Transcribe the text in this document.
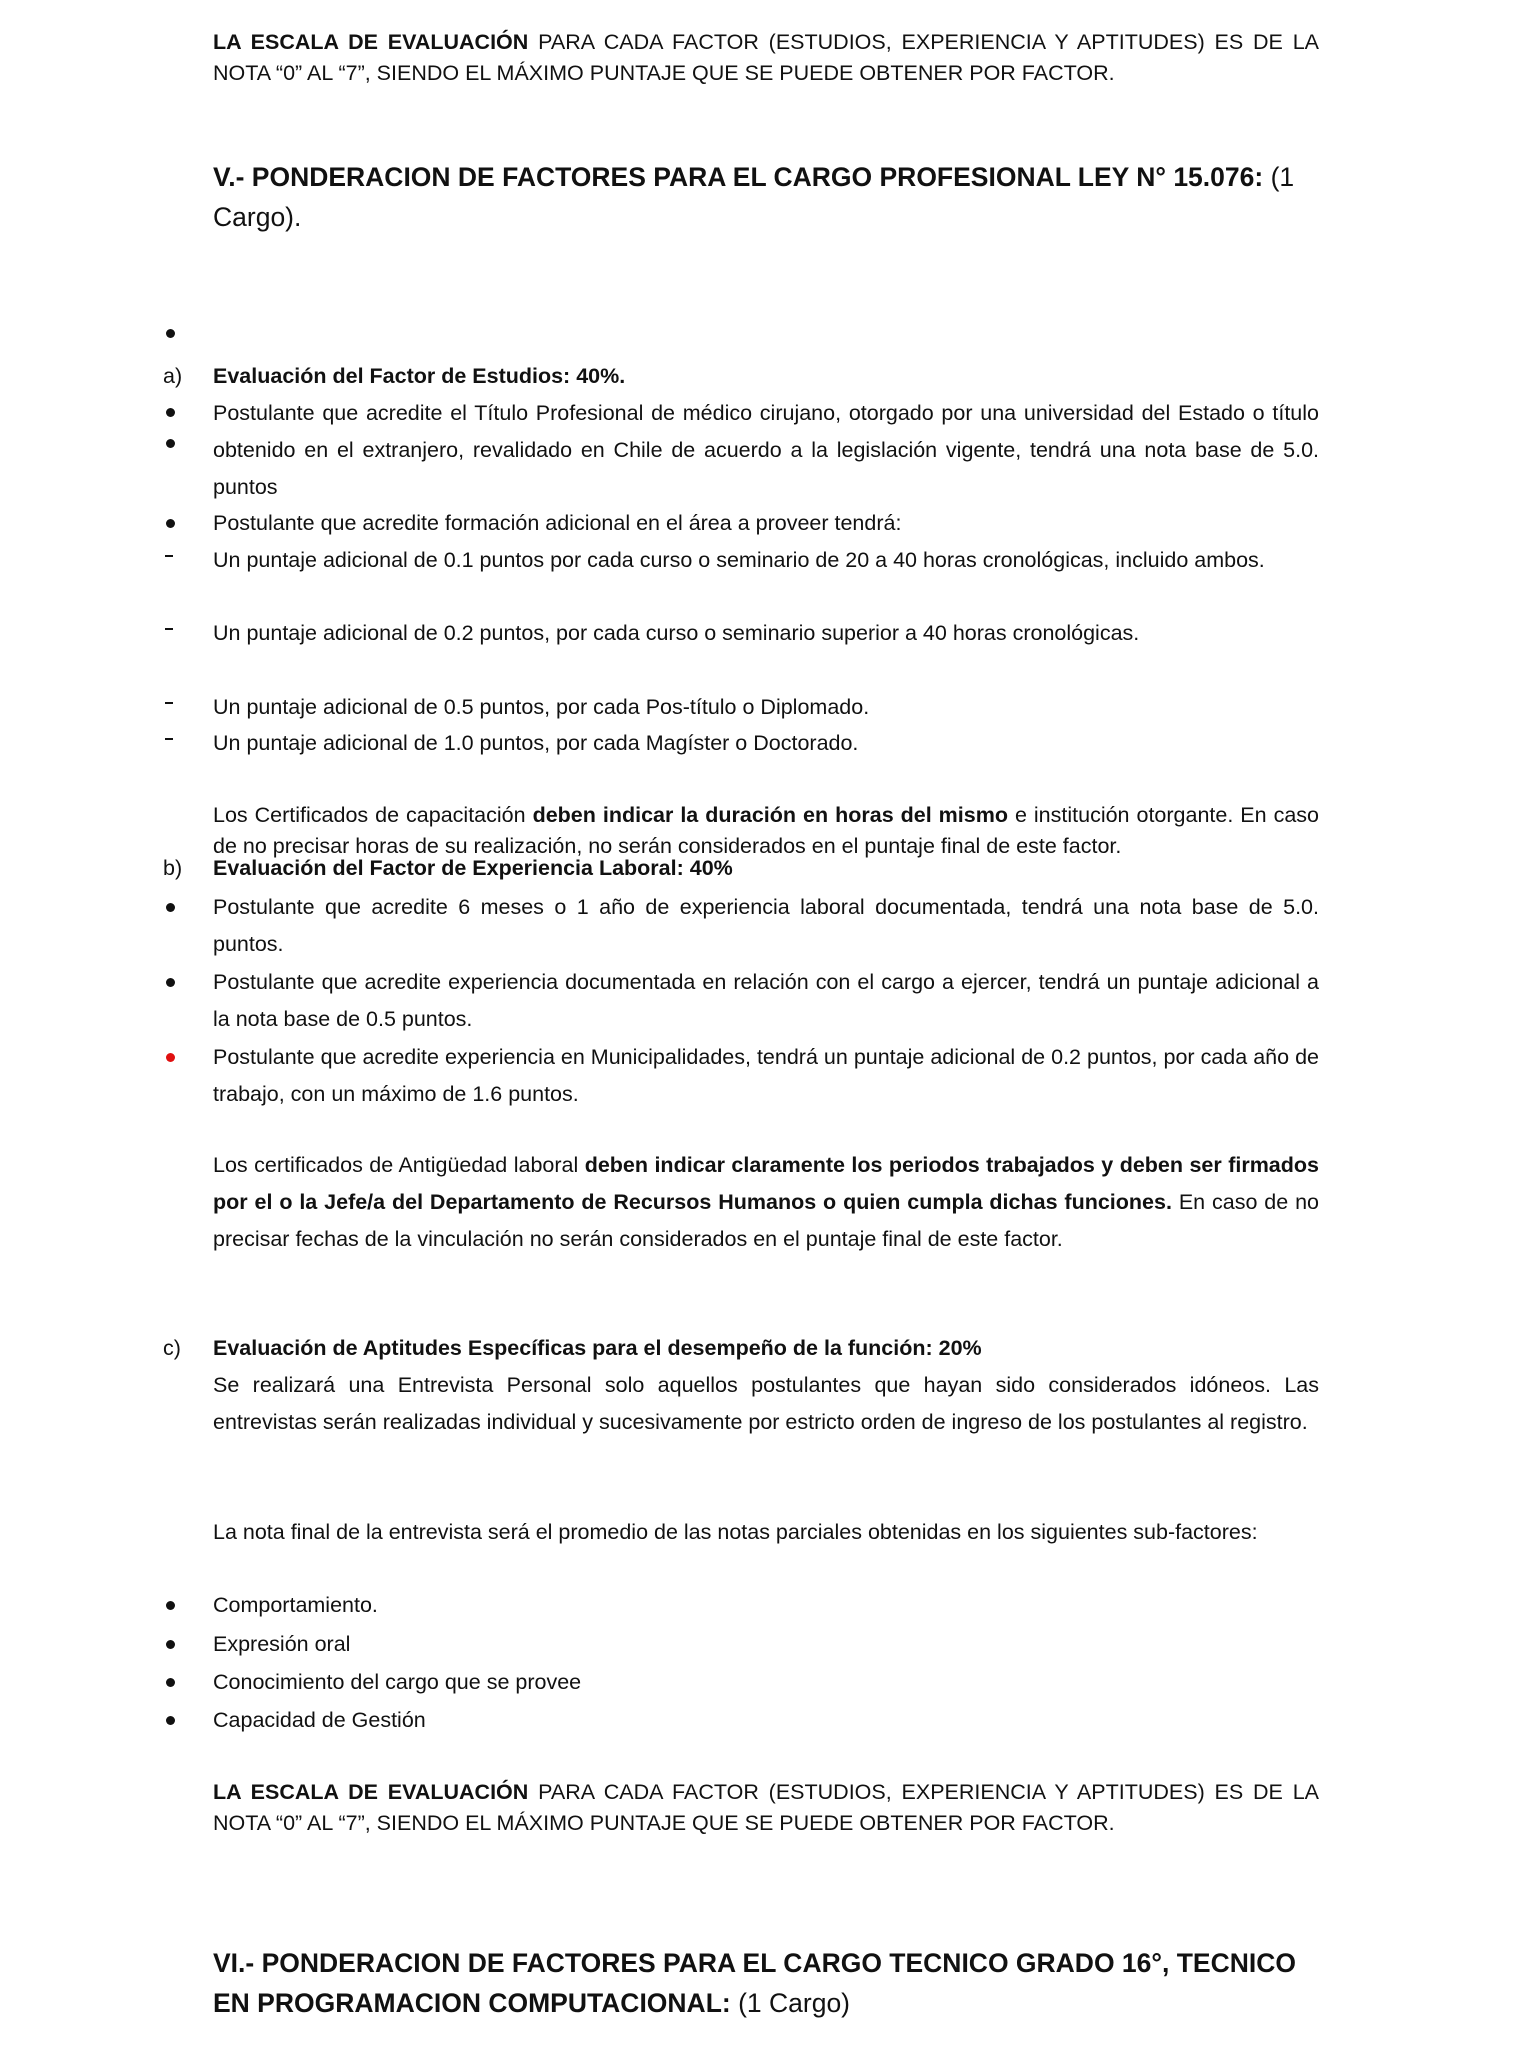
LA ESCALA DE EVALUACIÓN PARA CADA FACTOR (ESTUDIOS, EXPERIENCIA Y APTITUDES) ES DE LA NOTA “0” AL “7”, SIENDO EL MÁXIMO PUNTAJE QUE SE PUEDE OBTENER POR FACTOR.
V.- PONDERACION DE FACTORES PARA EL CARGO PROFESIONAL LEY N° 15.076: (1 Cargo).
a) Evaluación del Factor de Estudios: 40%.
Postulante que acredite el Título Profesional de médico cirujano, otorgado por una universidad del Estado o título obtenido en el extranjero, revalidado en Chile de acuerdo a la legislación vigente, tendrá una nota base de 5.0. puntos
Postulante que acredite formación adicional en el área a proveer tendrá:
Un puntaje adicional de 0.1 puntos por cada curso o seminario de 20 a 40 horas cronológicas, incluido ambos.
Un puntaje adicional de 0.2 puntos, por cada curso o seminario superior a 40 horas cronológicas.
Un puntaje adicional de 0.5 puntos, por cada Pos-título o Diplomado.
Un puntaje adicional de 1.0 puntos, por cada Magíster o Doctorado.
Los Certificados de capacitación deben indicar la duración en horas del mismo e institución otorgante. En caso de no precisar horas de su realización, no serán considerados en el puntaje final de este factor.
b) Evaluación del Factor de Experiencia Laboral: 40%
Postulante que acredite 6 meses o 1 año de experiencia laboral documentada, tendrá una nota base de 5.0. puntos.
Postulante que acredite experiencia documentada en relación con el cargo a ejercer, tendrá un puntaje adicional a la nota base de 0.5 puntos.
Postulante que acredite experiencia en Municipalidades, tendrá un puntaje adicional de 0.2 puntos, por cada año de trabajo, con un máximo de 1.6 puntos.
Los certificados de Antigüedad laboral deben indicar claramente los periodos trabajados y deben ser firmados por el o la Jefe/a del Departamento de Recursos Humanos o quien cumpla dichas funciones. En caso de no precisar fechas de la vinculación no serán considerados en el puntaje final de este factor.
c) Evaluación de Aptitudes Específicas para el desempeño de la función: 20%
Se realizará una Entrevista Personal solo aquellos postulantes que hayan sido considerados idóneos. Las entrevistas serán realizadas individual y sucesivamente por estricto orden de ingreso de los postulantes al registro.
La nota final de la entrevista será el promedio de las notas parciales obtenidas en los siguientes sub-factores:
Comportamiento.
Expresión oral
Conocimiento del cargo que se provee
Capacidad de Gestión
LA ESCALA DE EVALUACIÓN PARA CADA FACTOR (ESTUDIOS, EXPERIENCIA Y APTITUDES) ES DE LA NOTA “0” AL “7”, SIENDO EL MÁXIMO PUNTAJE QUE SE PUEDE OBTENER POR FACTOR.
VI.- PONDERACION DE FACTORES PARA EL CARGO TECNICO GRADO 16°, TECNICO EN PROGRAMACION COMPUTACIONAL: (1 Cargo)
